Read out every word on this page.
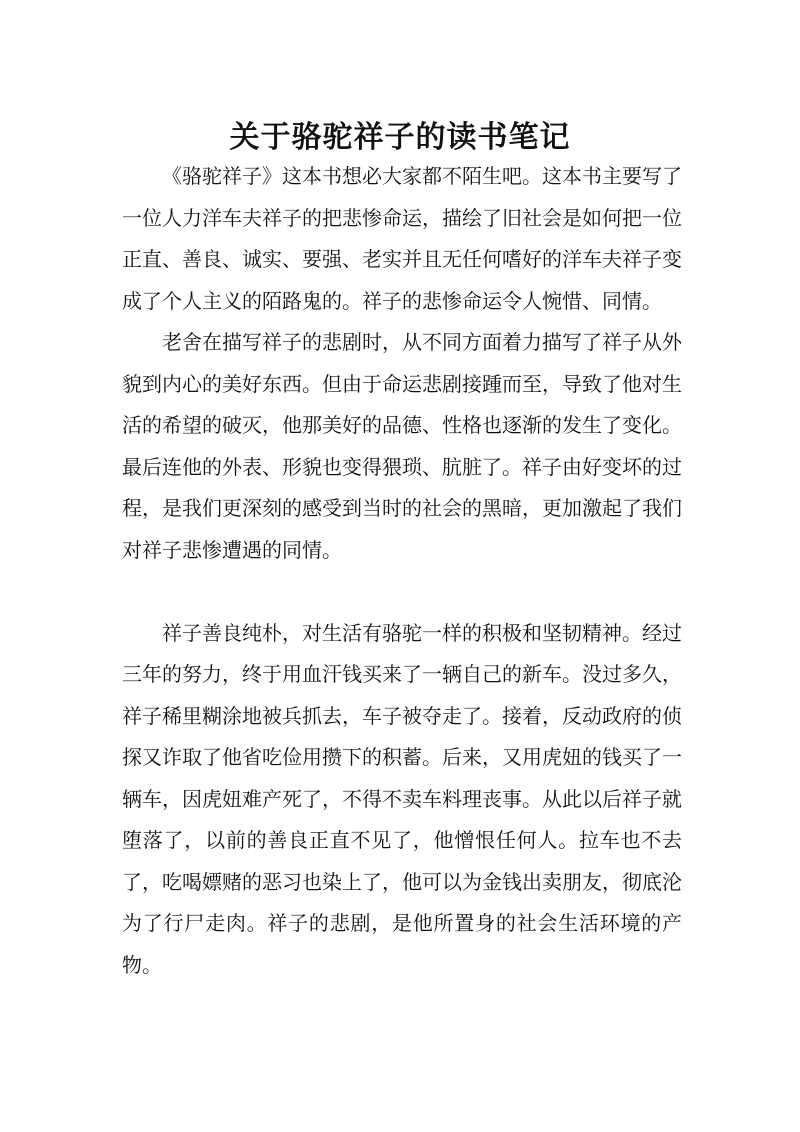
关于骆驼祥子的读书笔记

《骆驼祥子》这本书想必大家都不陌生吧。这本书主要写了一位人力洋车夫祥子的把悲惨命运，描绘了旧社会是如何把一位正直、善良、诚实、要强、老实并且无任何嗜好的洋车夫祥子变成了个人主义的陌路鬼的。祥子的悲惨命运令人惋惜、同情。

老舍在描写祥子的悲剧时，从不同方面着力描写了祥子从外貌到内心的美好东西。但由于命运悲剧接踵而至，导致了他对生活的希望的破灭，他那美好的品德、性格也逐渐的发生了变化。最后连他的外表、形貌也变得猥琐、肮脏了。祥子由好变坏的过程，是我们更深刻的感受到当时的社会的黑暗，更加激起了我们对祥子悲惨遭遇的同情。

祥子善良纯朴，对生活有骆驼一样的积极和坚韧精神。经过三年的努力，终于用血汗钱买来了一辆自己的新车。没过多久，祥子稀里糊涂地被兵抓去，车子被夺走了。接着，反动政府的侦探又诈取了他省吃俭用攒下的积蓄。后来，又用虎妞的钱买了一辆车，因虎妞难产死了，不得不卖车料理丧事。从此以后祥子就堕落了，以前的善良正直不见了，他憎恨任何人。拉车也不去了，吃喝嫖赌的恶习也染上了，他可以为金钱出卖朋友，彻底沦为了行尸走肉。祥子的悲剧，是他所置身的社会生活环境的产物。
